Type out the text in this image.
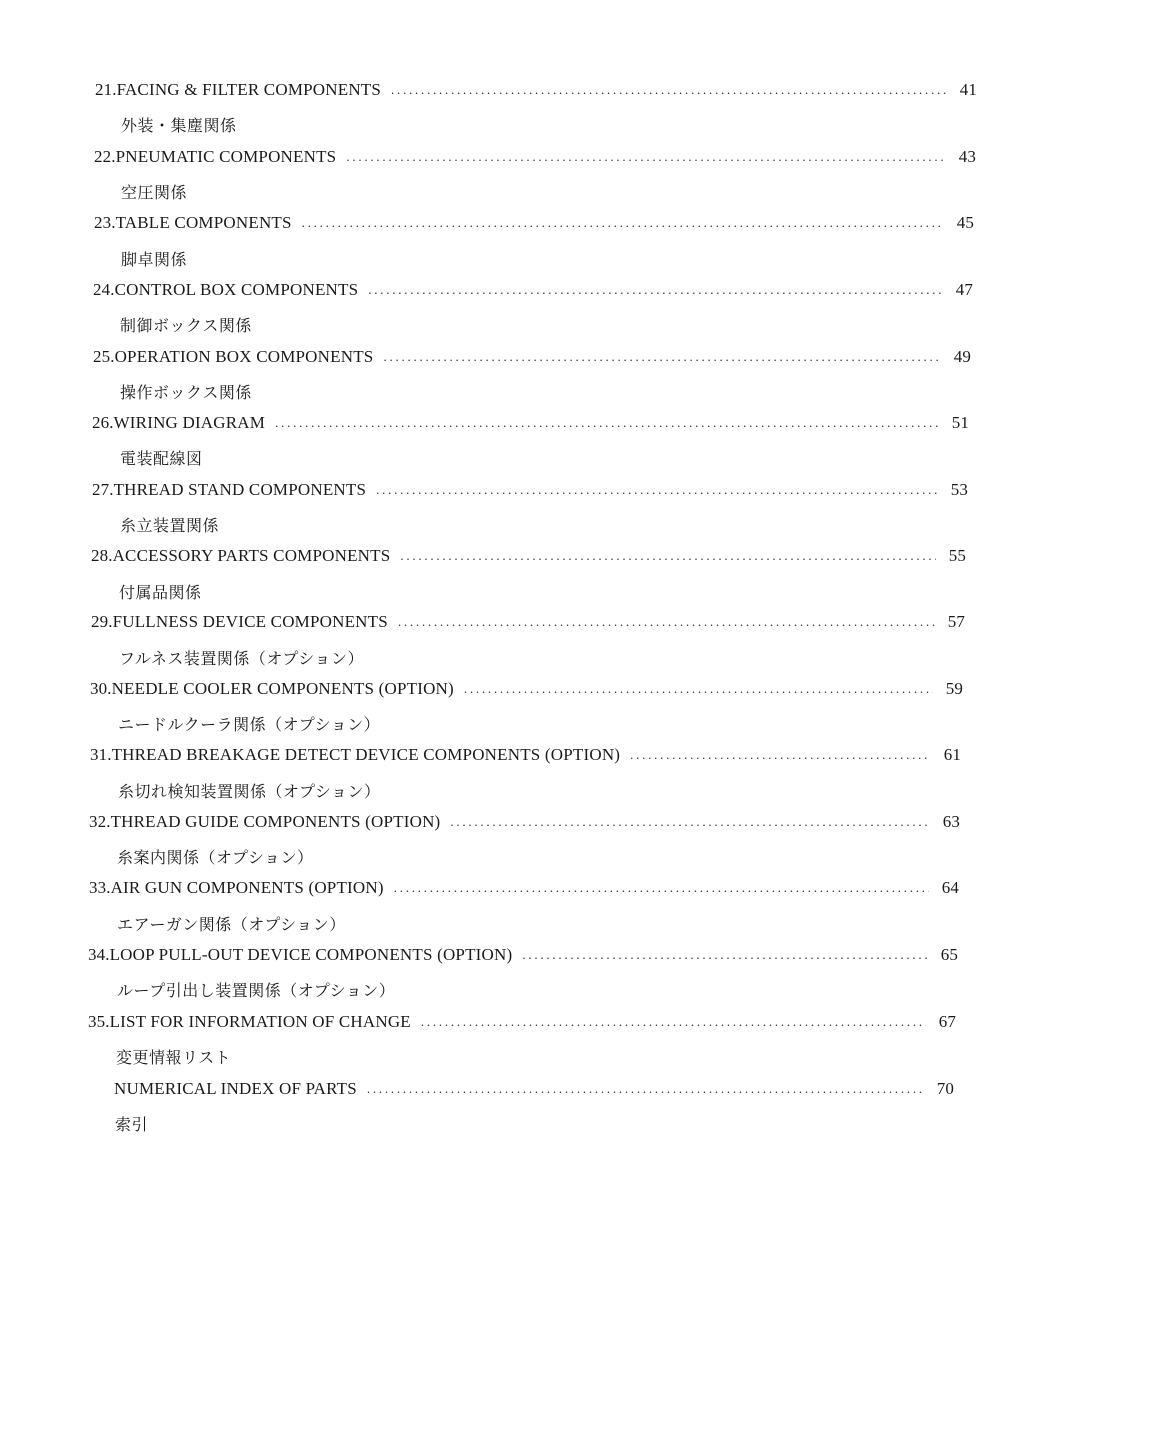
21. FACING & FILTER COMPONENTS . . .	41
外装・集塵関係
22. PNEUMATIC COMPONENTS . . .	43
空圧関係
23. TABLE COMPONENTS . . .	45
脚卓関係
24. CONTROL BOX COMPONENTS . . .	47
制御ボックス関係
25. OPERATION BOX COMPONENTS . . .	49
操作ボックス関係
26. WIRING DIAGRAM . . .	51
電装配線図
27. THREAD STAND COMPONENTS . . .	53
糸立装置関係
28. ACCESSORY PARTS COMPONENTS . . .	55
付属品関係
29. FULLNESS DEVICE COMPONENTS . . .	57
フルネス装置関係（オプション）
30. NEEDLE COOLER COMPONENTS (OPTION) . . .	59
ニードルクーラ関係（オプション）
31. THREAD BREAKAGE DETECT DEVICE COMPONENTS (OPTION) . . .	61
糸切れ検知装置関係（オプション）
32. THREAD GUIDE COMPONENTS (OPTION) . . .	63
糸案内関係（オプション）
33. AIR GUN COMPONENTS (OPTION) . . .	64
エアーガン関係（オプション）
34. LOOP PULL-OUT DEVICE COMPONENTS (OPTION) . . .	65
ループ引出し装置関係（オプション）
35. LIST FOR INFORMATION OF CHANGE . . .	67
変更情報リスト
NUMERICAL INDEX OF PARTS . . .	70
索引
